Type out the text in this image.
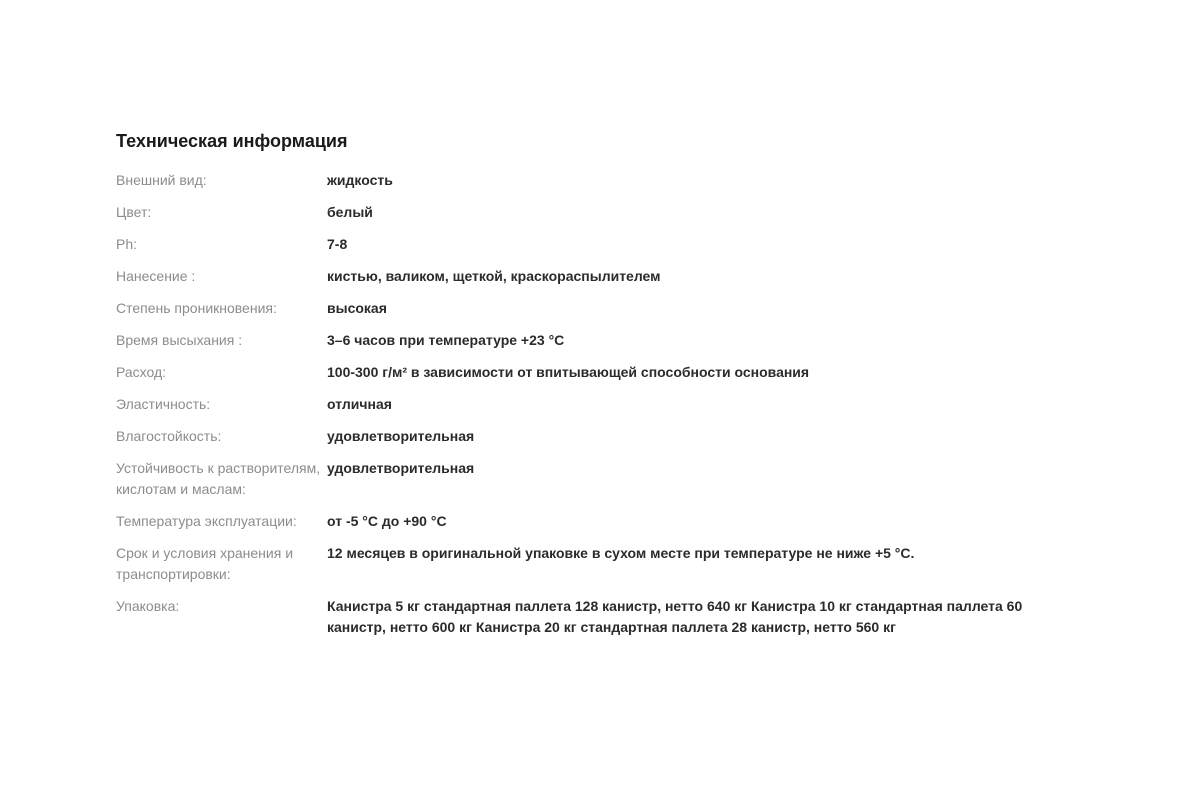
Техническая информация
Внешний вид:	жидкость
Цвет:	белый
Ph:	7-8
Нанесение :	кистью, валиком, щеткой, краскораспылителем
Степень проникновения:	высокая
Время высыхания :	3–6 часов при температуре +23 °С
Расход:	100-300 г/м² в зависимости от впитывающей способности основания
Эластичность:	отличная
Влагостойкость:	удовлетворительная
Устойчивость к растворителям, кислотам и маслам:	удовлетворительная
Температура эксплуатации:	от -5 °С до +90 °С
Срок и условия хранения и транспортировки:	12 месяцев в оригинальной упаковке в сухом месте при температуре не ниже +5 °С.
Упаковка:	Канистра 5 кг стандартная паллета 128 канистр, нетто 640 кг Канистра 10 кг стандартная паллета 60 канистр, нетто 600 кг Канистра 20 кг стандартная паллета 28 канистр, нетто 560 кг
